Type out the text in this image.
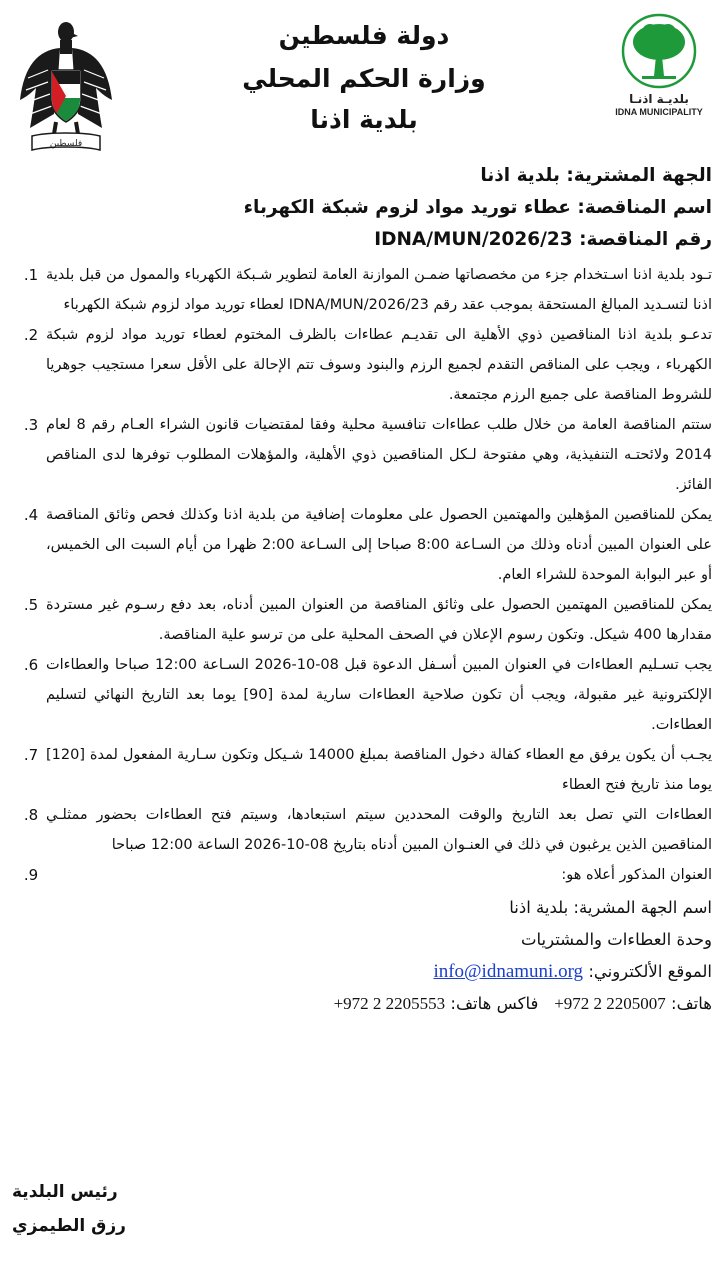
فلسطين
دولة فلسطين
وزارة الحكم المحلي
بلدية اذنا
بلديـة اذنـا
IDNA MUNICIPALITY
الجهة المشترية: بلدية اذنا
اسم المناقصة: عطاء توريد مواد لزوم شبكة الكهرباء
رقم المناقصة: IDNA/MUN/2026/23
تـود بلدية اذنا اسـتخدام جزء من مخصصاتها ضمـن الموازنة العامة لتطوير شـبكة الكهرباء والممول من قبل بلدية اذنا لتسـديد المبالغ المستحقة بموجب عقد رقم IDNA/MUN/2026/23 لعطاء توريد مواد لزوم شبكة الكهرباء
.1
تدعـو بلدية اذنا المناقصين ذوي الأهلية الى تقديـم عطاءات بالظرف المختوم لعطاء توريد مواد لزوم شبكة الكهرباء ، ويجب على المناقص التقدم لجميع الرزم والبنود وسوف تتم الإحالة على الأقل سعرا مستجيب جوهريا للشروط المناقصة على جميع الرزم مجتمعة.
.2
ستتم المناقصة العامة من خلال طلب عطاءات تنافسية محلية وفقا لمقتضيات قانون الشراء العـام رقم 8 لعام 2014 ولائحتـه التنفيذية، وهي مفتوحة لـكل المناقصين ذوي الأهلية، والمؤهلات المطلوب توفرها لدى المناقص الفائز.
.3
يمكن للمناقصين المؤهلين والمهتمين الحصول على معلومات إضافية من بلدية اذنا وكذلك فحص وثائق المناقصة على العنوان المبين أدناه وذلك من السـاعة 8:00 صباحا إلى السـاعة 2:00 ظهرا من أيام السبت الى الخميس، أو عبر البوابة الموحدة للشراء العام.
.4
يمكن للمناقصين المهتمين الحصول على وثائق المناقصة من العنوان المبين أدناه، بعد دفع رسـوم غير مستردة مقدارها 400 شيكل. وتكون رسوم الإعلان في الصحف المحلية على من ترسو علية المناقصة.
.5
يجب تسـليم العطاءات في العنوان المبين أسـفل الدعوة قبل 08-10-2026 السـاعة 12:00 صباحا والعطاءات الإلكترونية غير مقبولة، ويجب أن تكون صلاحية العطاءات سارية لمدة [90] يوما بعد التاريخ النهائي لتسليم العطاءات.
.6
يجـب أن يكون يرفق مع العطاء كفالة دخول المناقصة بمبلغ 14000 شـيكل وتكون سـارية المفعول لمدة [120] يوما منذ تاريخ فتح العطاء
.7
العطاءات التي تصل بعد التاريخ والوقت المحددين سيتم استبعادها، وسيتم فتح العطاءات بحضور ممثلـي المناقصين الذين يرغبون في ذلك في العنـوان المبين أدناه بتاريخ 08-10-2026 الساعة 12:00 صباحا
.8
العنوان المذكور أعلاه هو:
.9
اسم الجهة المشرية: بلدية اذنا
وحدة العطاءات والمشتريات
الموقع الألكتروني: info@idnamuni.org
هاتف: +972 2 2205007   فاكس هاتف: +972 2 2205553
رئيس البلدية
رزق الطيمزي
